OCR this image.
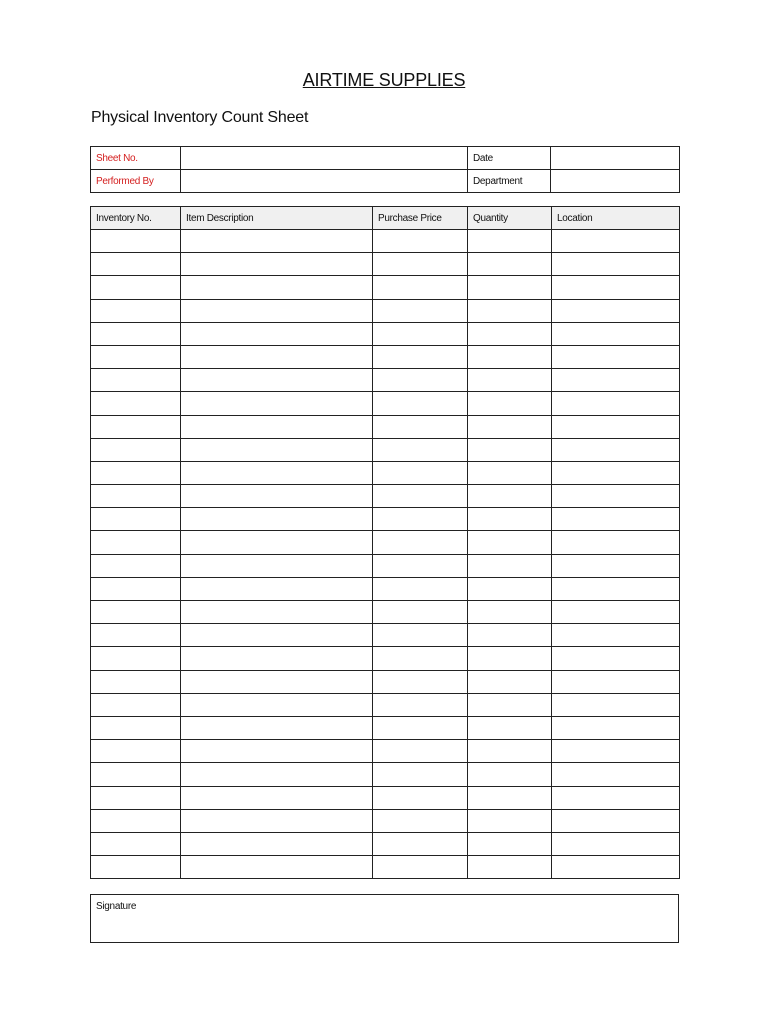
AIRTIME SUPPLIES
Physical Inventory Count Sheet
Sheet No.		Date	
Performed By		Department	
Inventory No.	Item Description	Purchase Price	Quantity	Location

Signature
